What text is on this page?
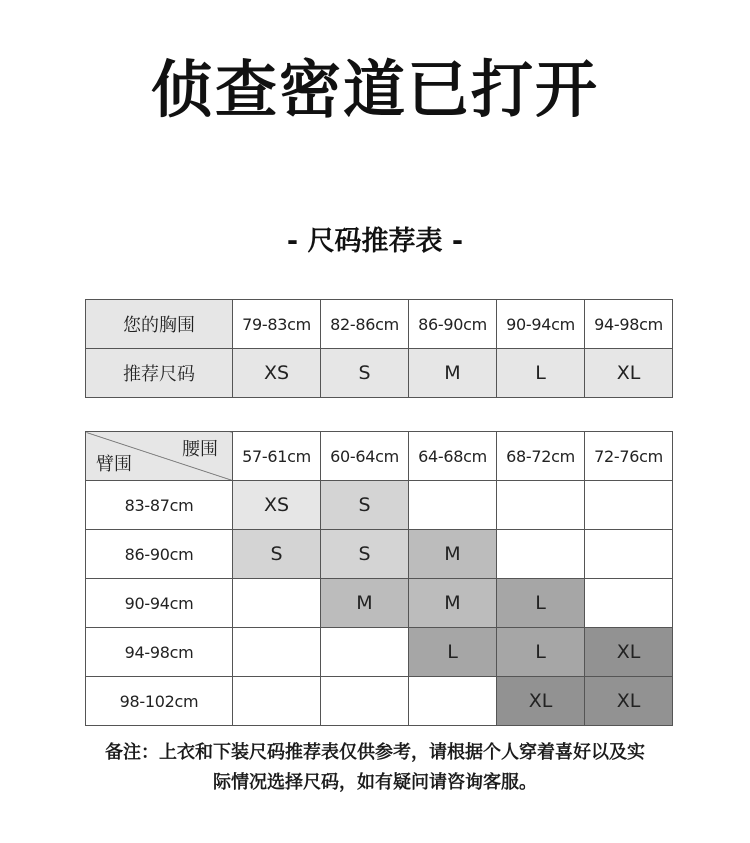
侦查密道已打开
- 尺码推荐表 -
您的胸围	79-83cm	82-86cm	86-90cm	90-94cm	94-98cm
推荐尺码	XS	S	M	L	XL
腰围
臂围	57-61cm	60-64cm	64-68cm	68-72cm	72-76cm
83-87cm	XS	S			
86-90cm	S	S	M		
90-94cm		M	M	L	
94-98cm			L	L	XL
98-102cm				XL	XL
备注：上衣和下装尺码推荐表仅供参考，请根据个人穿着喜好以及实
际情况选择尺码，如有疑问请咨询客服。
